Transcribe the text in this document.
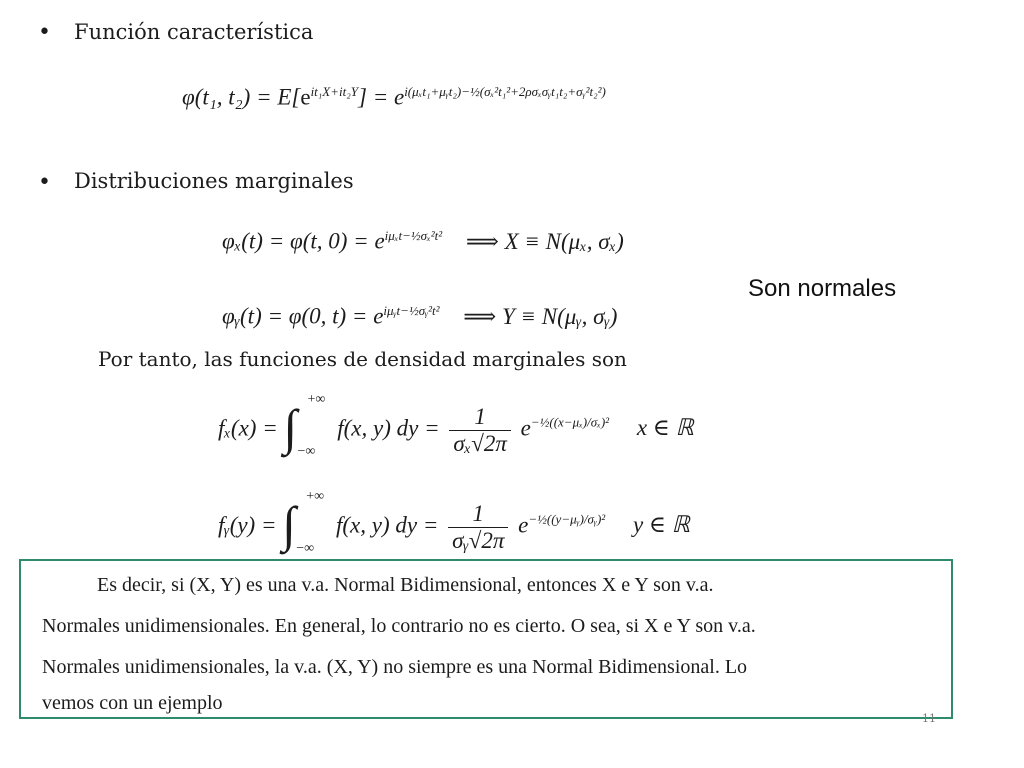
• Función característica
φ(t₁, $t_2) = E[e^{it_1X+it_2Y}] = e^{i(\mu_xt_1+\mu ᵧt_2)-\frac{1}{2}(\sigma_x^2t_1^2+2\rho\sigma_x\sigma ᵧt_1t_2+\sigma ᵧ^2t_2^2)}$
• Distribuciones marginales
φₓ(t) = φ(t, $0) = e^{i\mu_xt-\frac{1}{2}\sigma_x^2t^2}$ ⟹ X ≡ N(μₓ, σₓ)
Son normales
φᵧ(t) = φ(0, $t) = e^{i\mu ᵧt-\frac{1}{2}\sigma ᵧ^2t^2}$ ⟹ Y ≡ N(μᵧ, σᵧ)
Por tanto, las funciones de densidad marginales son
fₓ(x) = ∫ +∞
−∞
f(x, y) dy = $\frac{1}{\text{σₓ√2π}} e^{-\frac{1}{2}((x-\mu_x)/\sigma_x)^2}$ x ∈ ℝ
fᵧ(y) = ∫ +∞
−∞
f(x, y) dy = $\frac{1}{\text{σᵧ√2π}} e^{-\frac{1}{2}((y-\mu ᵧ)/\sigma ᵧ)^2}$ y ∈ ℝ
Es decir, si (X, Y) es una v.a. Normal Bidimensional, entonces X e Y son v.a.
Normales unidimensionales. En general, lo contrario no es cierto. O sea, si X e Y son v.a.
Normales unidimensionales, la v.a. (X, Y) no siempre es una Normal Bidimensional. Lo
vemos con un ejemplo
11
